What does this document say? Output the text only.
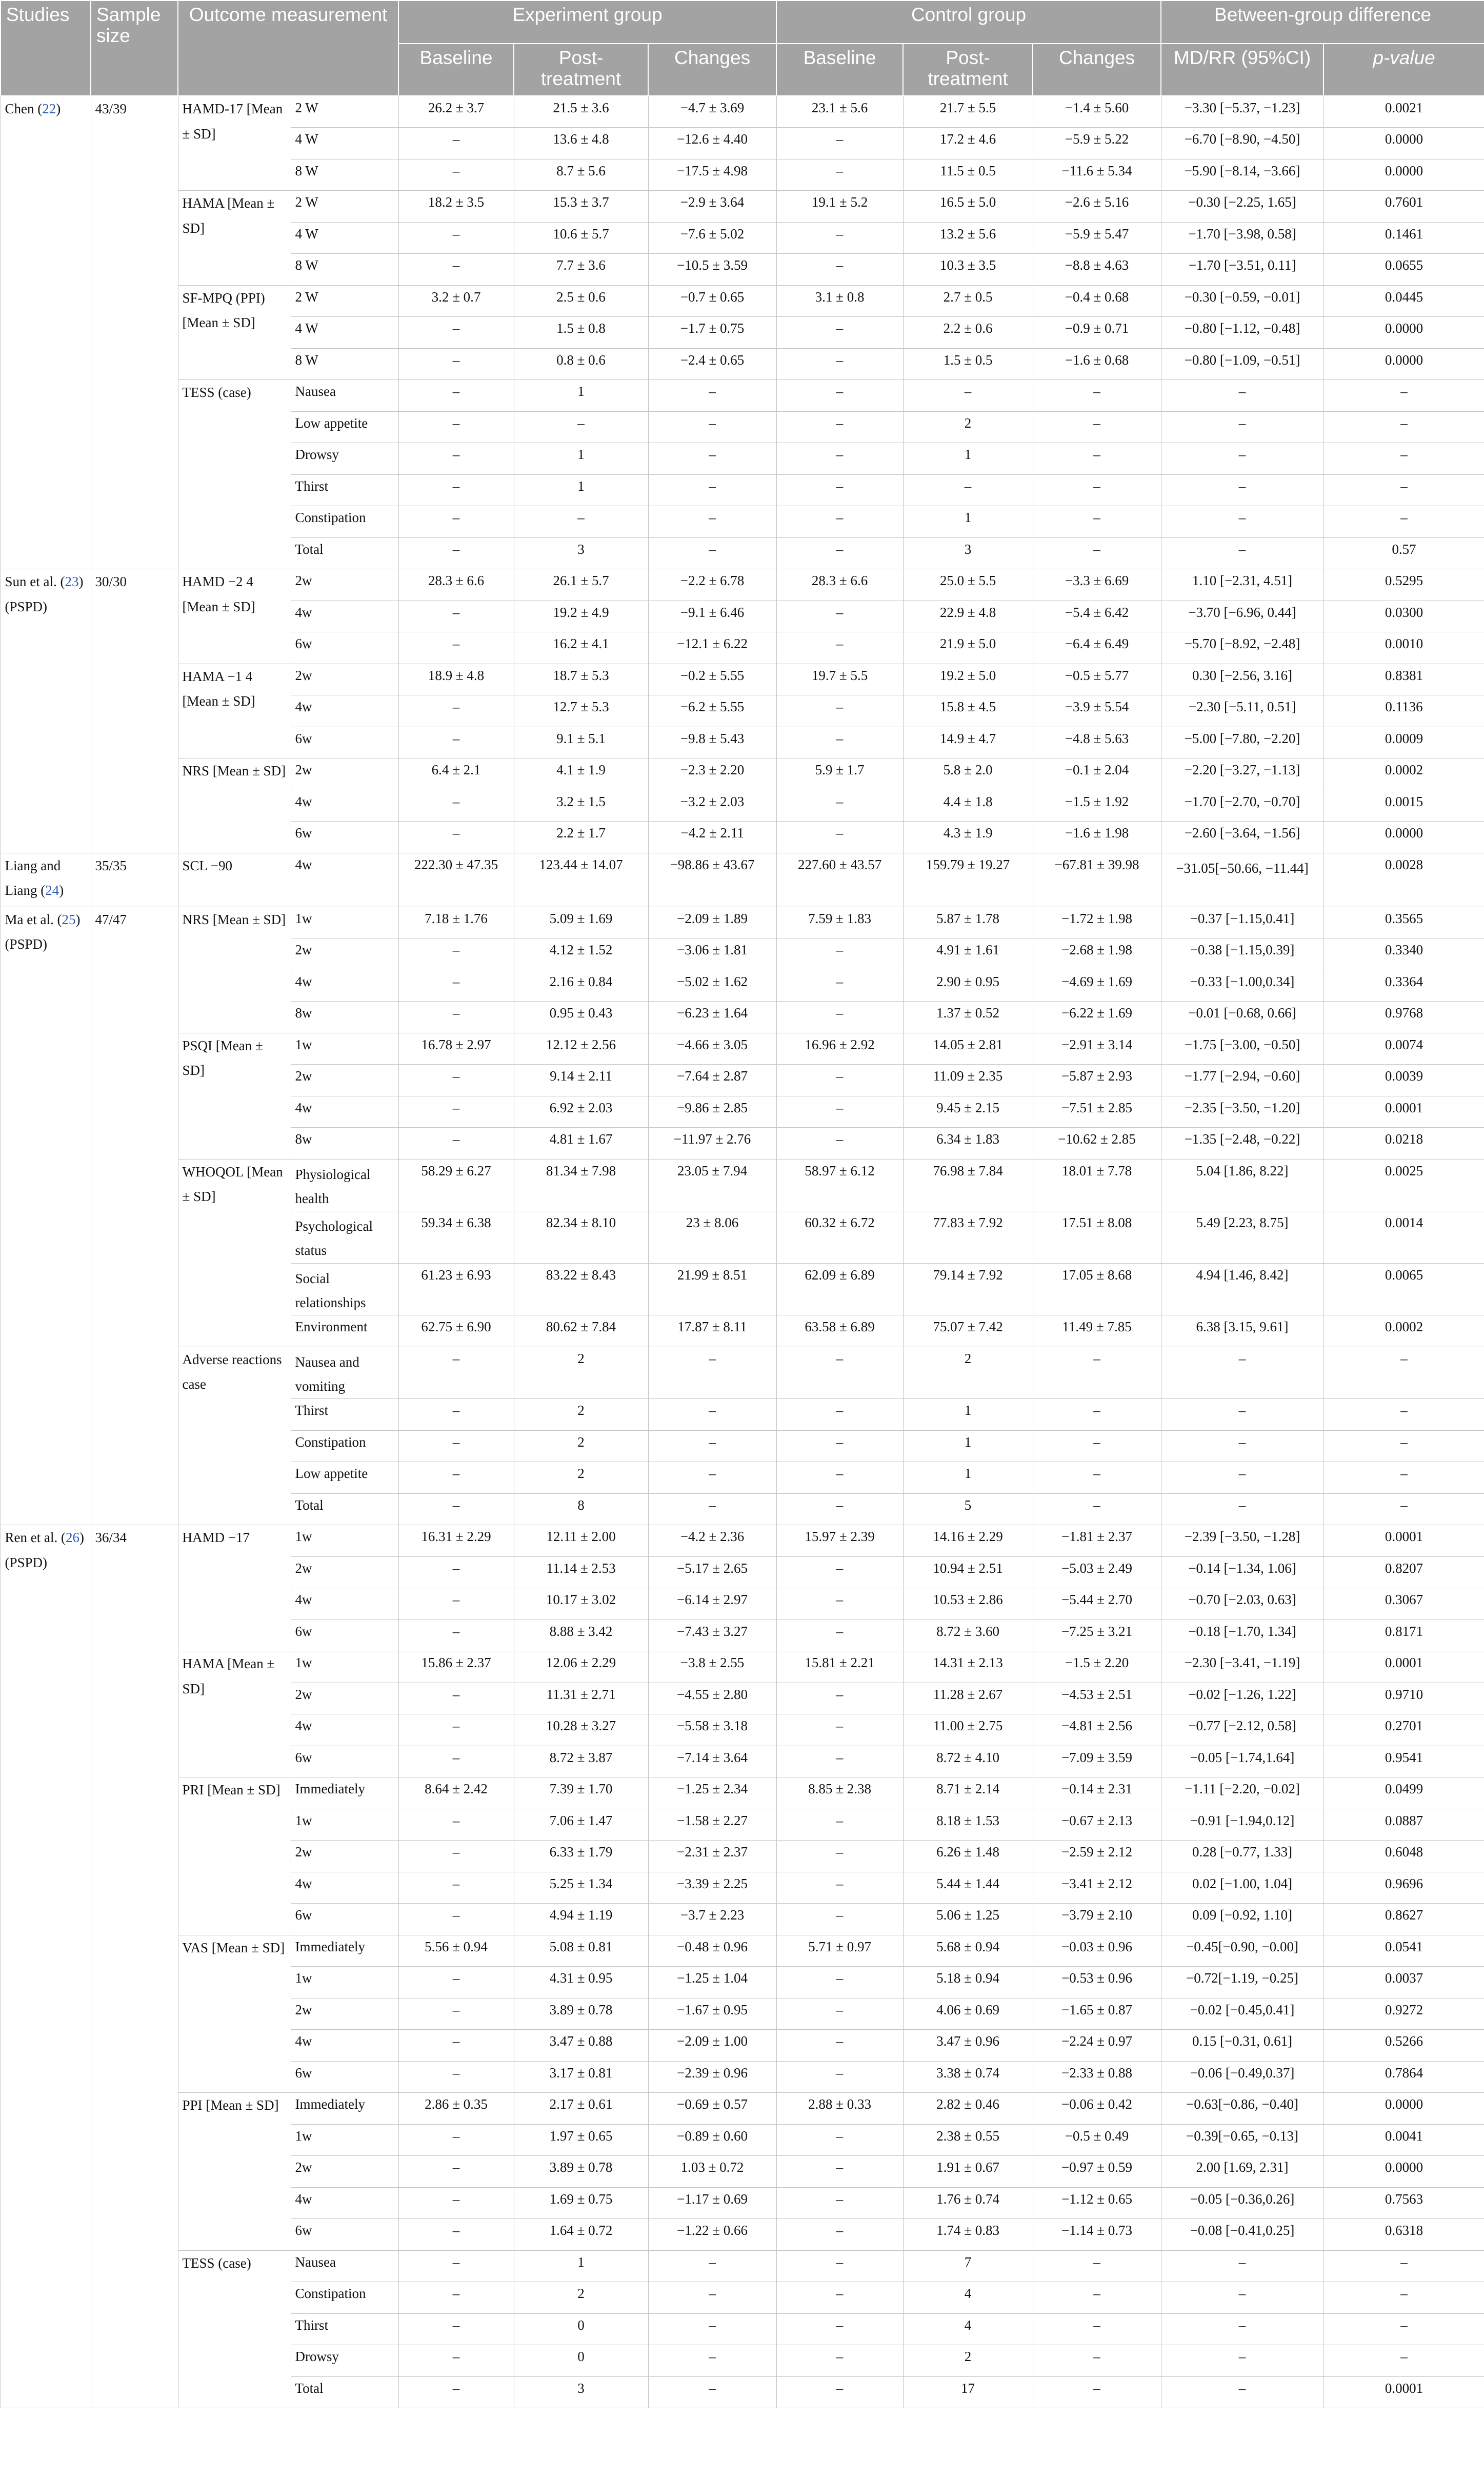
Studies	Sample size	Outcome measurement		Experiment group			Control group			Between-group difference	
				Baseline	Post-treatment	Changes	Baseline	Post-treatment	Changes	MD/RR (95%CI)	p-value
Chen (22)	43/39	HAMD-17 [Mean ± SD]	2 W	26.2 ± 3.7	21.5 ± 3.6	−4.7 ± 3.69	23.1 ± 5.6	21.7 ± 5.5	−1.4 ± 5.60	−3.30 [−5.37, −1.23]	0.0021
			4 W	–	13.6 ± 4.8	−12.6 ± 4.40	–	17.2 ± 4.6	−5.9 ± 5.22	−6.70 [−8.90, −4.50]	0.0000
			8 W	–	8.7 ± 5.6	−17.5 ± 4.98	–	11.5 ± 0.5	−11.6 ± 5.34	−5.90 [−8.14, −3.66]	0.0000
		HAMA [Mean ± SD]	2 W	18.2 ± 3.5	15.3 ± 3.7	−2.9 ± 3.64	19.1 ± 5.2	16.5 ± 5.0	−2.6 ± 5.16	−0.30 [−2.25, 1.65]	0.7601
			4 W	–	10.6 ± 5.7	−7.6 ± 5.02	–	13.2 ± 5.6	−5.9 ± 5.47	−1.70 [−3.98, 0.58]	0.1461
			8 W	–	7.7 ± 3.6	−10.5 ± 3.59	–	10.3 ± 3.5	−8.8 ± 4.63	−1.70 [−3.51, 0.11]	0.0655
		SF-MPQ (PPI) [Mean ± SD]	2 W	3.2 ± 0.7	2.5 ± 0.6	−0.7 ± 0.65	3.1 ± 0.8	2.7 ± 0.5	−0.4 ± 0.68	−0.30 [−0.59, −0.01]	0.0445
			4 W	–	1.5 ± 0.8	−1.7 ± 0.75	–	2.2 ± 0.6	−0.9 ± 0.71	−0.80 [−1.12, −0.48]	0.0000
			8 W	–	0.8 ± 0.6	−2.4 ± 0.65	–	1.5 ± 0.5	−1.6 ± 0.68	−0.80 [−1.09, −0.51]	0.0000
		TESS (case)	Nausea	–	1	–	–	–	–	–	–
			Low appetite	–	–	–	–	2	–	–	–
			Drowsy	–	1	–	–	1	–	–	–
			Thirst	–	1	–	–	–	–	–	–
			Constipation	–	–	–	–	1	–	–	–
			Total	–	3	–	–	3	–	–	0.57
Sun et al. (23)
(PSPD)	30/30	HAMD −2 4 [Mean ± SD]	2w	28.3 ± 6.6	26.1 ± 5.7	−2.2 ± 6.78	28.3 ± 6.6	25.0 ± 5.5	−3.3 ± 6.69	1.10 [−2.31, 4.51]	0.5295
			4w	–	19.2 ± 4.9	−9.1 ± 6.46	–	22.9 ± 4.8	−5.4 ± 6.42	−3.70 [−6.96, 0.44]	0.0300
			6w	–	16.2 ± 4.1	−12.1 ± 6.22	–	21.9 ± 5.0	−6.4 ± 6.49	−5.70 [−8.92, −2.48]	0.0010
		HAMA −1 4 [Mean ± SD]	2w	18.9 ± 4.8	18.7 ± 5.3	−0.2 ± 5.55	19.7 ± 5.5	19.2 ± 5.0	−0.5 ± 5.77	0.30 [−2.56, 3.16]	0.8381
			4w	–	12.7 ± 5.3	−6.2 ± 5.55	–	15.8 ± 4.5	−3.9 ± 5.54	−2.30 [−5.11, 0.51]	0.1136
			6w	–	9.1 ± 5.1	−9.8 ± 5.43	–	14.9 ± 4.7	−4.8 ± 5.63	−5.00 [−7.80, −2.20]	0.0009
		NRS [Mean ± SD]	2w	6.4 ± 2.1	4.1 ± 1.9	−2.3 ± 2.20	5.9 ± 1.7	5.8 ± 2.0	−0.1 ± 2.04	−2.20 [−3.27, −1.13]	0.0002
			4w	–	3.2 ± 1.5	−3.2 ± 2.03	–	4.4 ± 1.8	−1.5 ± 1.92	−1.70 [−2.70, −0.70]	0.0015
			6w	–	2.2 ± 1.7	−4.2 ± 2.11	–	4.3 ± 1.9	−1.6 ± 1.98	−2.60 [−3.64, −1.56]	0.0000
Liang and Liang (24)	35/35	SCL −90	4w	222.30 ± 47.35	123.44 ± 14.07	−98.86 ± 43.67	227.60 ± 43.57	159.79 ± 19.27	−67.81 ± 39.98	−31.05[−50.66, −11.44]	0.0028
Ma et al. (25)
(PSPD)	47/47	NRS [Mean ± SD]	1w	7.18 ± 1.76	5.09 ± 1.69	−2.09 ± 1.89	7.59 ± 1.83	5.87 ± 1.78	−1.72 ± 1.98	−0.37 [−1.15,0.41]	0.3565
			2w	–	4.12 ± 1.52	−3.06 ± 1.81	–	4.91 ± 1.61	−2.68 ± 1.98	−0.38 [−1.15,0.39]	0.3340
			4w	–	2.16 ± 0.84	−5.02 ± 1.62	–	2.90 ± 0.95	−4.69 ± 1.69	−0.33 [−1.00,0.34]	0.3364
			8w	–	0.95 ± 0.43	−6.23 ± 1.64	–	1.37 ± 0.52	−6.22 ± 1.69	−0.01 [−0.68, 0.66]	0.9768
		PSQI [Mean ± SD]	1w	16.78 ± 2.97	12.12 ± 2.56	−4.66 ± 3.05	16.96 ± 2.92	14.05 ± 2.81	−2.91 ± 3.14	−1.75 [−3.00, −0.50]	0.0074
			2w	–	9.14 ± 2.11	−7.64 ± 2.87	–	11.09 ± 2.35	−5.87 ± 2.93	−1.77 [−2.94, −0.60]	0.0039
			4w	–	6.92 ± 2.03	−9.86 ± 2.85	–	9.45 ± 2.15	−7.51 ± 2.85	−2.35 [−3.50, −1.20]	0.0001
			8w	–	4.81 ± 1.67	−11.97 ± 2.76	–	6.34 ± 1.83	−10.62 ± 2.85	−1.35 [−2.48, −0.22]	0.0218
		WHOQOL [Mean ± SD]	Physiological health	58.29 ± 6.27	81.34 ± 7.98	23.05 ± 7.94	58.97 ± 6.12	76.98 ± 7.84	18.01 ± 7.78	5.04 [1.86, 8.22]	0.0025
			Psychological status	59.34 ± 6.38	82.34 ± 8.10	23 ± 8.06	60.32 ± 6.72	77.83 ± 7.92	17.51 ± 8.08	5.49 [2.23, 8.75]	0.0014
			Social relationships	61.23 ± 6.93	83.22 ± 8.43	21.99 ± 8.51	62.09 ± 6.89	79.14 ± 7.92	17.05 ± 8.68	4.94 [1.46, 8.42]	0.0065
			Environment	62.75 ± 6.90	80.62 ± 7.84	17.87 ± 8.11	63.58 ± 6.89	75.07 ± 7.42	11.49 ± 7.85	6.38 [3.15, 9.61]	0.0002
		Adverse reactions case	Nausea and vomiting	–	2	–	–	2	–	–	–
			Thirst	–	2	–	–	1	–	–	–
			Constipation	–	2	–	–	1	–	–	–
			Low appetite	–	2	–	–	1	–	–	–
			Total	–	8	–	–	5	–	–	–
Ren et al. (26)
(PSPD)	36/34	HAMD −17	1w	16.31 ± 2.29	12.11 ± 2.00	−4.2 ± 2.36	15.97 ± 2.39	14.16 ± 2.29	−1.81 ± 2.37	−2.39 [−3.50, −1.28]	0.0001
			2w	–	11.14 ± 2.53	−5.17 ± 2.65	–	10.94 ± 2.51	−5.03 ± 2.49	−0.14 [−1.34, 1.06]	0.8207
			4w	–	10.17 ± 3.02	−6.14 ± 2.97	–	10.53 ± 2.86	−5.44 ± 2.70	−0.70 [−2.03, 0.63]	0.3067
			6w	–	8.88 ± 3.42	−7.43 ± 3.27	–	8.72 ± 3.60	−7.25 ± 3.21	−0.18 [−1.70, 1.34]	0.8171
		HAMA [Mean ± SD]	1w	15.86 ± 2.37	12.06 ± 2.29	−3.8 ± 2.55	15.81 ± 2.21	14.31 ± 2.13	−1.5 ± 2.20	−2.30 [−3.41, −1.19]	0.0001
			2w	–	11.31 ± 2.71	−4.55 ± 2.80	–	11.28 ± 2.67	−4.53 ± 2.51	−0.02 [−1.26, 1.22]	0.9710
			4w	–	10.28 ± 3.27	−5.58 ± 3.18	–	11.00 ± 2.75	−4.81 ± 2.56	−0.77 [−2.12, 0.58]	0.2701
			6w	–	8.72 ± 3.87	−7.14 ± 3.64	–	8.72 ± 4.10	−7.09 ± 3.59	−0.05 [−1.74,1.64]	0.9541
		PRI [Mean ± SD]	Immediately	8.64 ± 2.42	7.39 ± 1.70	−1.25 ± 2.34	8.85 ± 2.38	8.71 ± 2.14	−0.14 ± 2.31	−1.11 [−2.20, −0.02]	0.0499
			1w	–	7.06 ± 1.47	−1.58 ± 2.27	–	8.18 ± 1.53	−0.67 ± 2.13	−0.91 [−1.94,0.12]	0.0887
			2w	–	6.33 ± 1.79	−2.31 ± 2.37	–	6.26 ± 1.48	−2.59 ± 2.12	0.28 [−0.77, 1.33]	0.6048
			4w	–	5.25 ± 1.34	−3.39 ± 2.25	–	5.44 ± 1.44	−3.41 ± 2.12	0.02 [−1.00, 1.04]	0.9696
			6w	–	4.94 ± 1.19	−3.7 ± 2.23	–	5.06 ± 1.25	−3.79 ± 2.10	0.09 [−0.92, 1.10]	0.8627
		VAS [Mean ± SD]	Immediately	5.56 ± 0.94	5.08 ± 0.81	−0.48 ± 0.96	5.71 ± 0.97	5.68 ± 0.94	−0.03 ± 0.96	−0.45[−0.90, −0.00]	0.0541
			1w	–	4.31 ± 0.95	−1.25 ± 1.04	–	5.18 ± 0.94	−0.53 ± 0.96	−0.72[−1.19, −0.25]	0.0037
			2w	–	3.89 ± 0.78	−1.67 ± 0.95	–	4.06 ± 0.69	−1.65 ± 0.87	−0.02 [−0.45,0.41]	0.9272
			4w	–	3.47 ± 0.88	−2.09 ± 1.00	–	3.47 ± 0.96	−2.24 ± 0.97	0.15 [−0.31, 0.61]	0.5266
			6w	–	3.17 ± 0.81	−2.39 ± 0.96	–	3.38 ± 0.74	−2.33 ± 0.88	−0.06 [−0.49,0.37]	0.7864
		PPI [Mean ± SD]	Immediately	2.86 ± 0.35	2.17 ± 0.61	−0.69 ± 0.57	2.88 ± 0.33	2.82 ± 0.46	−0.06 ± 0.42	−0.63[−0.86, −0.40]	0.0000
			1w	–	1.97 ± 0.65	−0.89 ± 0.60	–	2.38 ± 0.55	−0.5 ± 0.49	−0.39[−0.65, −0.13]	0.0041
			2w	–	3.89 ± 0.78	1.03 ± 0.72	–	1.91 ± 0.67	−0.97 ± 0.59	2.00 [1.69, 2.31]	0.0000
			4w	–	1.69 ± 0.75	−1.17 ± 0.69	–	1.76 ± 0.74	−1.12 ± 0.65	−0.05 [−0.36,0.26]	0.7563
			6w	–	1.64 ± 0.72	−1.22 ± 0.66	–	1.74 ± 0.83	−1.14 ± 0.73	−0.08 [−0.41,0.25]	0.6318
		TESS (case)	Nausea	–	1	–	–	7	–	–	–
			Constipation	–	2	–	–	4	–	–	–
			Thirst	–	0	–	–	4	–	–	–
			Drowsy	–	0	–	–	2	–	–	–
			Total	–	3	–	–	17	–	–	0.0001
